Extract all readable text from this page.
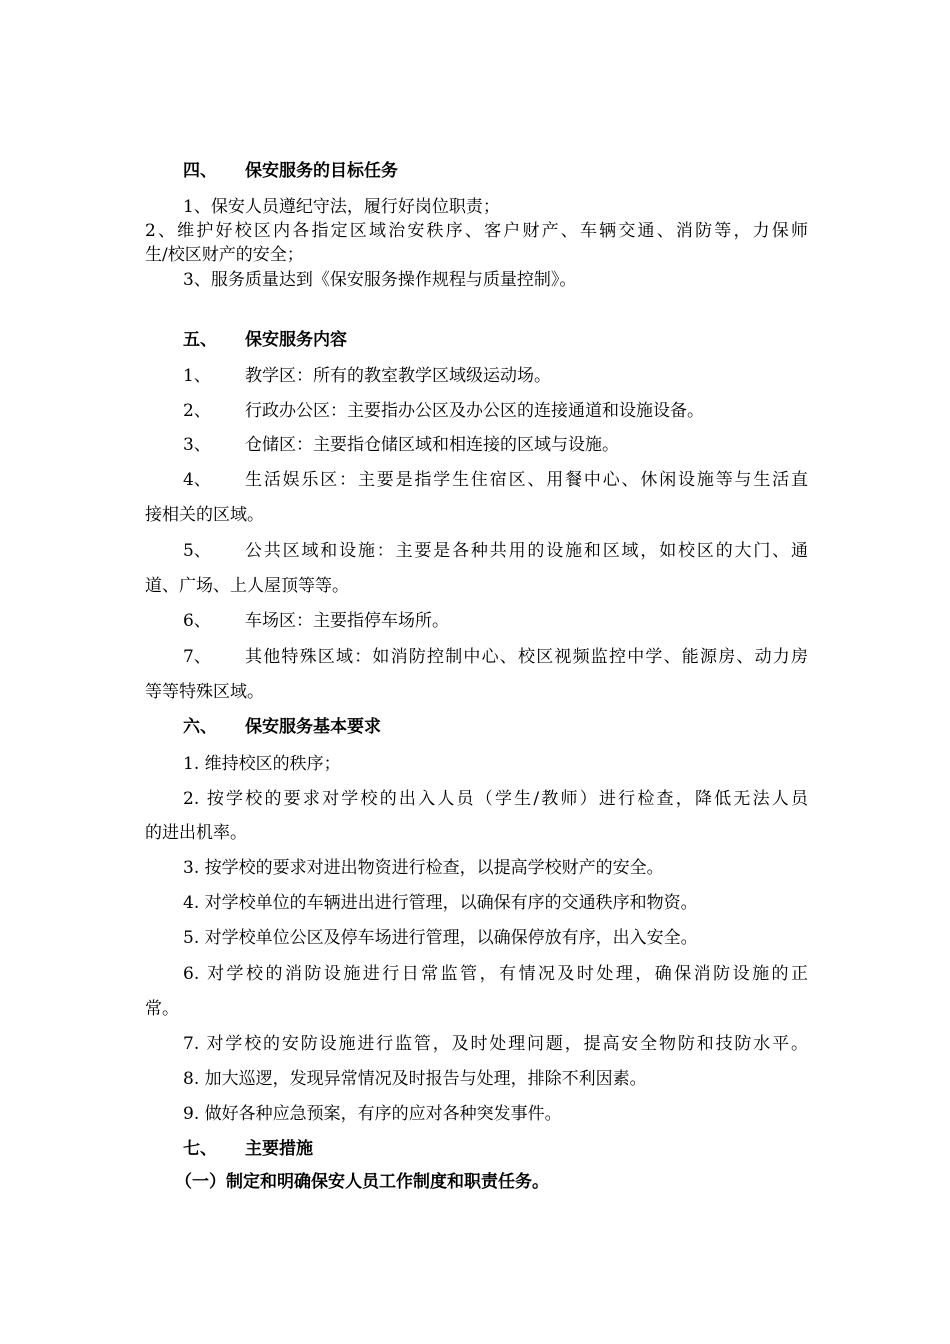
四、 保安服务的目标任务
1、保安人员遵纪守法，履行好岗位职责；
2、维护好校区内各指定区域治安秩序、客户财产、车辆交通、消防等，力保师
生/校区财产的安全；
3、服务质量达到《保安服务操作规程与质量控制》。
五、 保安服务内容
1、 教学区：所有的教室教学区域级运动场。
2、 行政办公区：主要指办公区及办公区的连接通道和设施设备。
3、 仓储区：主要指仓储区域和相连接的区域与设施。
4、 生活娱乐区：主要是指学生住宿区、用餐中心、休闲设施等与生活直
接相关的区域。
5、 公共区域和设施：主要是各种共用的设施和区域，如校区的大门、通
道、广场、上人屋顶等等。
6、 车场区：主要指停车场所。
7、 其他特殊区域：如消防控制中心、校区视频监控中学、能源房、动力房
等等特殊区域。
六、 保安服务基本要求
1. 维持校区的秩序；
2. 按学校的要求对学校的出入人员（学生/教师）进行检查，降低无法人员
的进出机率。
3. 按学校的要求对进出物资进行检查，以提高学校财产的安全。
4. 对学校单位的车辆进出进行管理，以确保有序的交通秩序和物资。
5. 对学校单位公区及停车场进行管理，以确保停放有序，出入安全。
6. 对学校的消防设施进行日常监管，有情况及时处理，确保消防设施的正
常。
7. 对学校的安防设施进行监管，及时处理问题，提高安全物防和技防水平。
8. 加大巡逻，发现异常情况及时报告与处理，排除不利因素。
9. 做好各种应急预案，有序的应对各种突发事件。
七、 主要措施
（一）制定和明确保安人员工作制度和职责任务。
